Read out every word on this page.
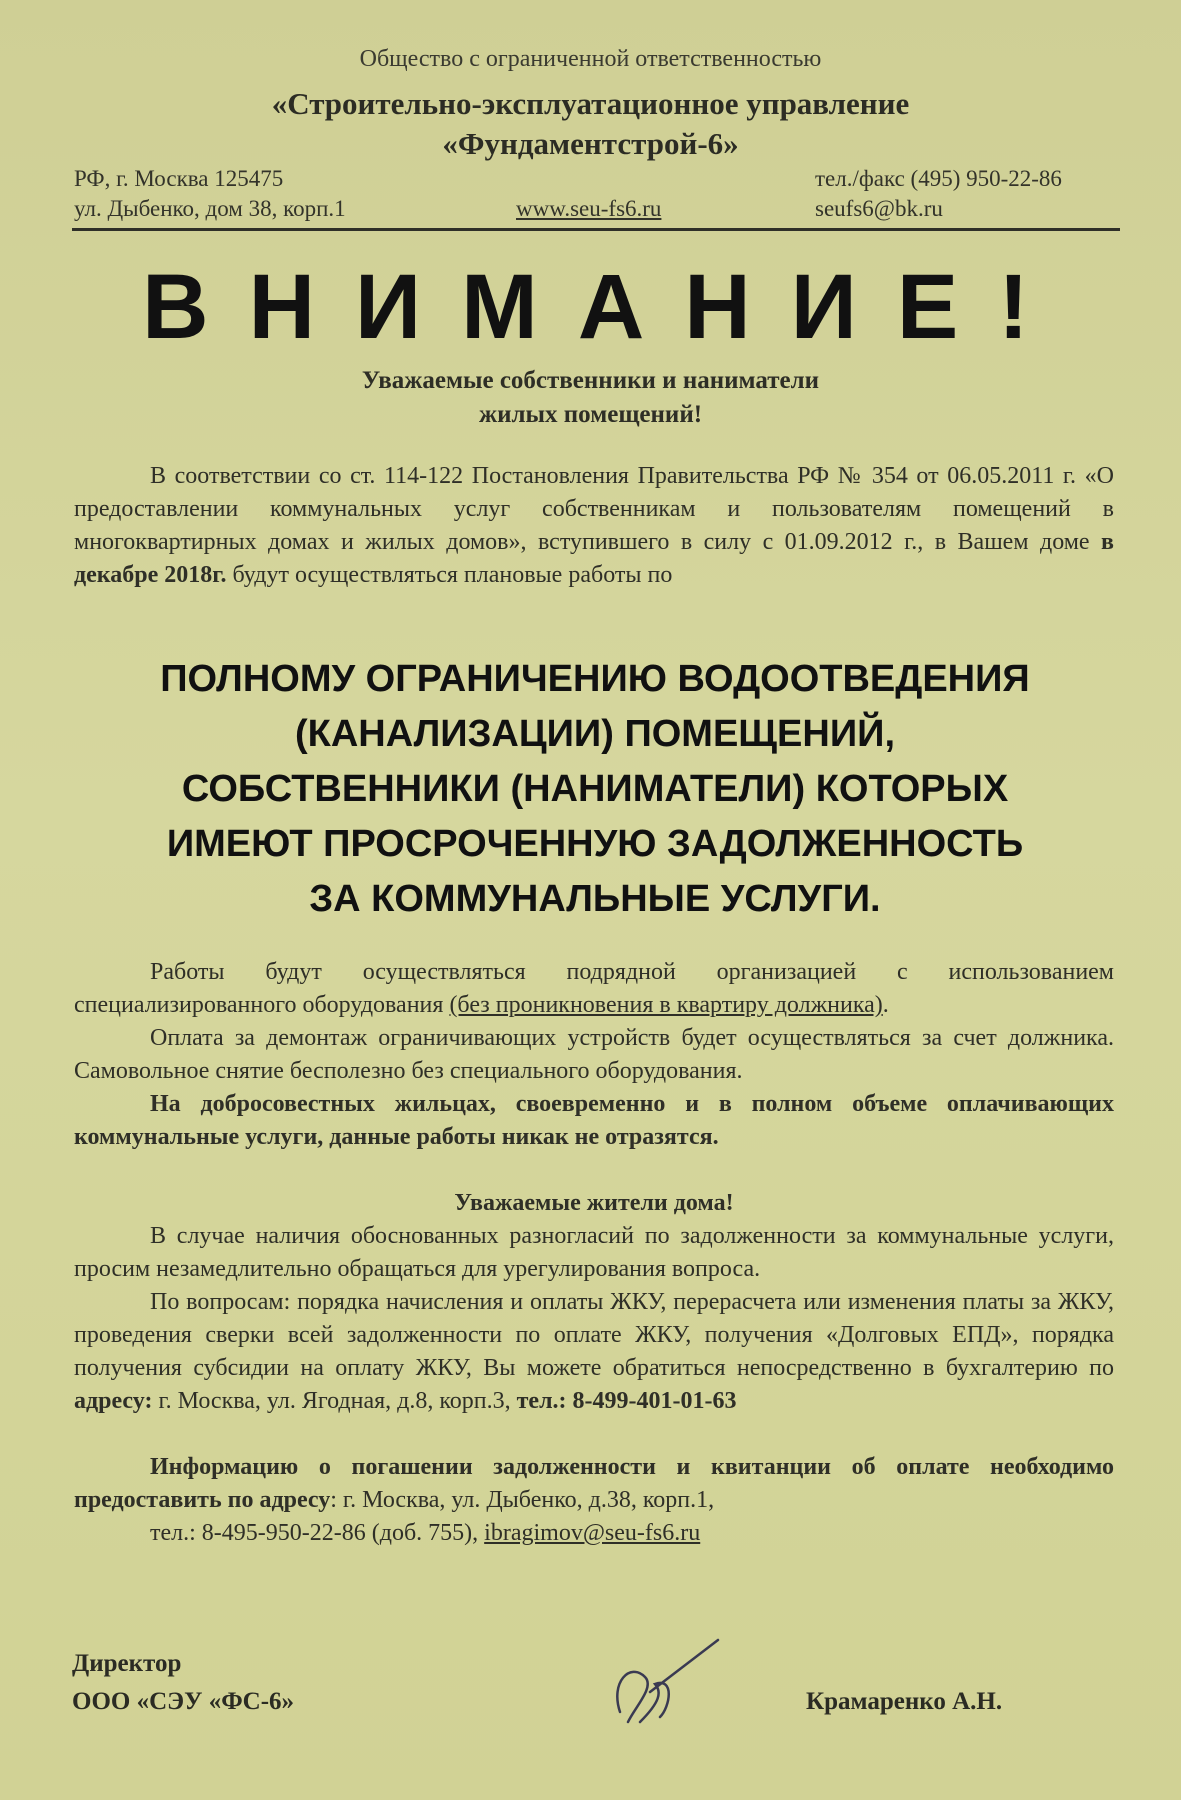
Общество с ограниченной ответственностью
«Строительно-эксплуатационное управление
«Фундаментстрой-6»
РФ, г. Москва 125475
ул. Дыбенко, дом 38, корп.1	www.seu-fs6.ru
тел./факс (495) 950-22-86
seufs6@bk.ru
ВНИМАНИЕ!
Уважаемые собственники и наниматели
жилых помещений!

В соответствии со ст. 114-122 Постановления Правительства РФ № 354 от 06.05.2011 г. «О предоставлении коммунальных услуг собственникам и пользователям помещений в многоквартирных домах и жилых домов», вступившего в силу с 01.09.2012 г., в Вашем доме в декабре 2018г. будут осуществляться плановые работы по

ПОЛНОМУ ОГРАНИЧЕНИЮ ВОДООТВЕДЕНИЯ
(КАНАЛИЗАЦИИ) ПОМЕЩЕНИЙ,
СОБСТВЕННИКИ (НАНИМАТЕЛИ) КОТОРЫХ
ИМЕЮТ ПРОСРОЧЕННУЮ ЗАДОЛЖЕННОСТЬ
ЗА КОММУНАЛЬНЫЕ УСЛУГИ.

Работы будут осуществляться подрядной организацией с использованием специализированного оборудования (без проникновения в квартиру должника).

Оплата за демонтаж ограничивающих устройств будет осуществляться за счет должника. Самовольное снятие бесполезно без специального оборудования.

На добросовестных жильцах, своевременно и в полном объеме оплачивающих коммунальные услуги, данные работы никак не отразятся.

Уважаемые жители дома!

В случае наличия обоснованных разногласий по задолженности за коммунальные услуги, просим незамедлительно обращаться для урегулирования вопроса.

По вопросам: порядка начисления и оплаты ЖКУ, перерасчета или изменения платы за ЖКУ, проведения сверки всей задолженности по оплате ЖКУ, получения «Долговых ЕПД», порядка получения субсидии на оплату ЖКУ, Вы можете обратиться непосредственно в бухгалтерию по адресу: г. Москва, ул. Ягодная, д.8, корп.3, тел.: 8-499-401-01-63

Информацию о погашении задолженности и квитанции об оплате необходимо предоставить по адресу: г. Москва, ул. Дыбенко, д.38, корп.1,

тел.: 8-495-950-22-86 (доб. 755), ibragimov@seu-fs6.ru

Директор
ООО «СЭУ «ФС-6»	Крамаренко А.Н.
